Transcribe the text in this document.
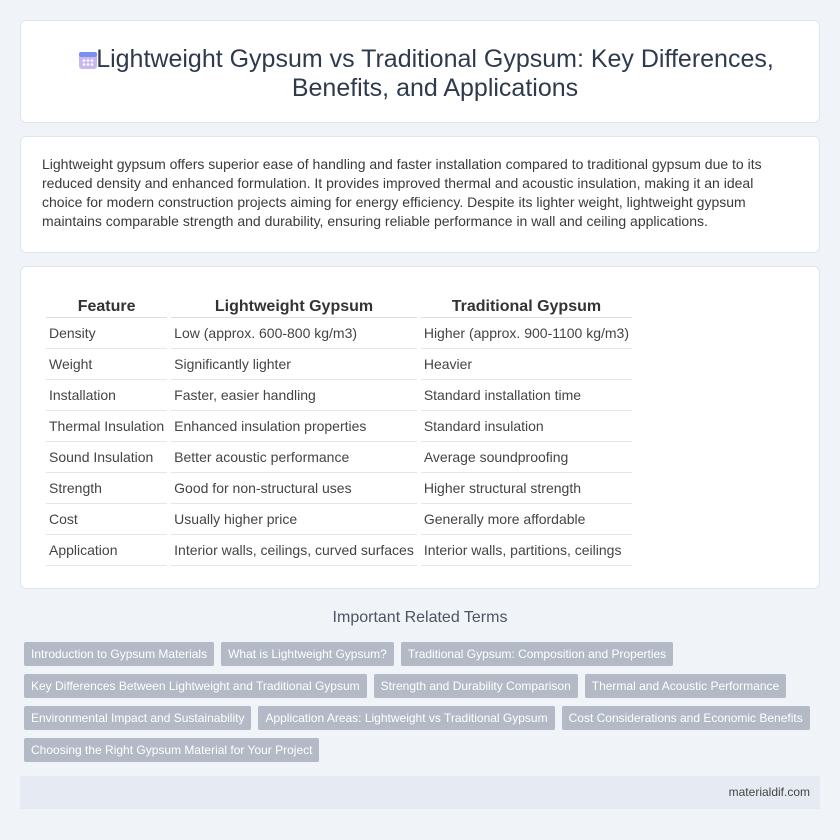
Lightweight Gypsum vs Traditional Gypsum: Key Differences, Benefits, and Applications

Lightweight gypsum offers superior ease of handling and faster installation compared to traditional gypsum due to its reduced density and enhanced formulation. It provides improved thermal and acoustic insulation, making it an ideal choice for modern construction projects aiming for energy efficiency. Despite its lighter weight, lightweight gypsum maintains comparable strength and durability, ensuring reliable performance in wall and ceiling applications.

Feature	Lightweight Gypsum	Traditional Gypsum
Density	Low (approx. 600-800 kg/m3)	Higher (approx. 900-1100 kg/m3)
Weight	Significantly lighter	Heavier
Installation	Faster, easier handling	Standard installation time
Thermal Insulation	Enhanced insulation properties	Standard insulation
Sound Insulation	Better acoustic performance	Average soundproofing
Strength	Good for non-structural uses	Higher structural strength
Cost	Usually higher price	Generally more affordable
Application	Interior walls, ceilings, curved surfaces	Interior walls, partitions, ceilings
Important Related Terms
Introduction to Gypsum Materials	What is Lightweight Gypsum?	Traditional Gypsum: Composition and Properties
Key Differences Between Lightweight and Traditional Gypsum	Strength and Durability Comparison	Thermal and Acoustic Performance
Environmental Impact and Sustainability	Application Areas: Lightweight vs Traditional Gypsum	Cost Considerations and Economic Benefits
Choosing the Right Gypsum Material for Your Project
materialdif.com
